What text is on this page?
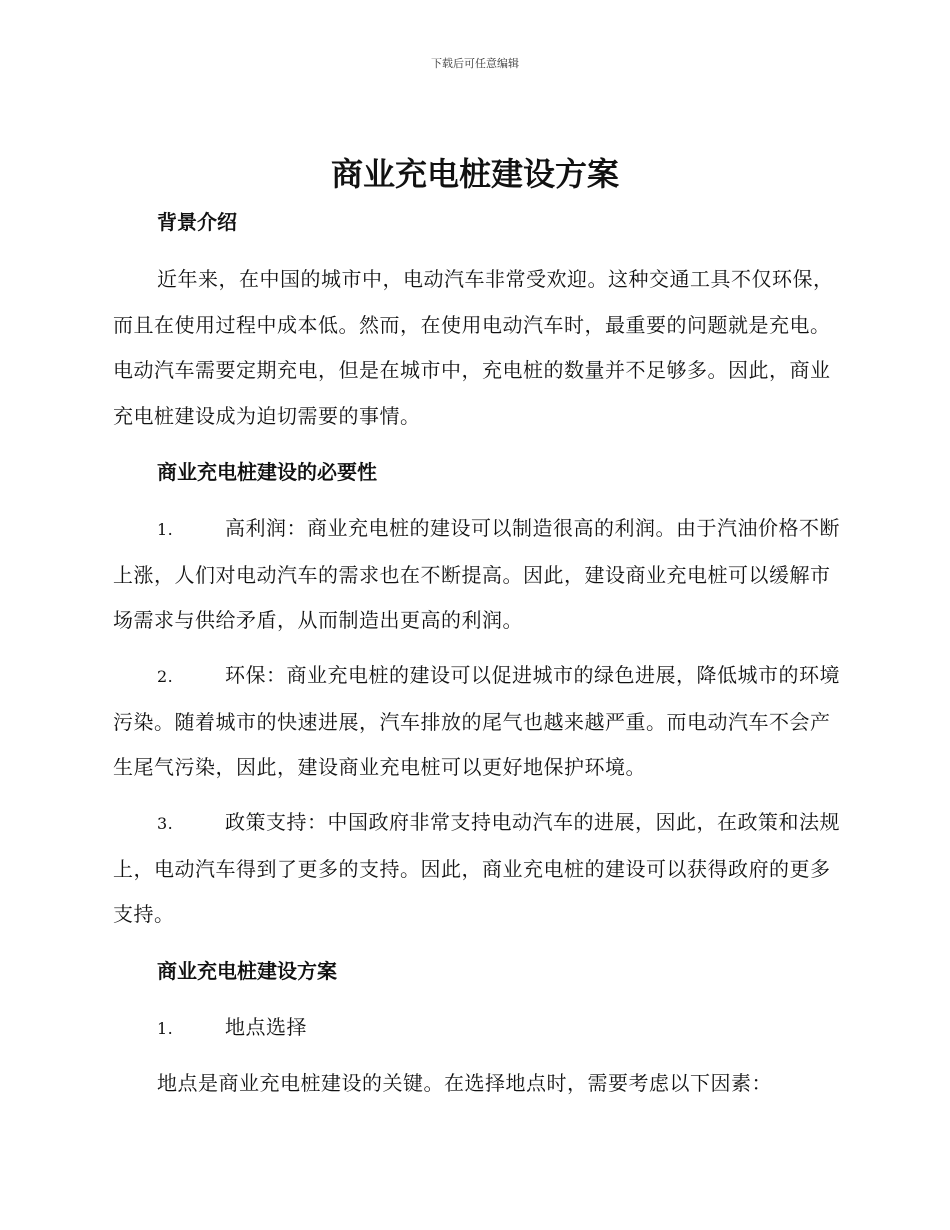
下载后可任意编辑
商业充电桩建设方案
背景介绍

近年来，在中国的城市中，电动汽车非常受欢迎。这种交通工具不仅环保，而且在使用过程中成本低。然而，在使用电动汽车时，最重要的问题就是充电。电动汽车需要定期充电，但是在城市中，充电桩的数量并不足够多。因此，商业充电桩建设成为迫切需要的事情。

商业充电桩建设的必要性

1.	高利润：商业充电桩的建设可以制造很高的利润。由于汽油价格不断上涨，人们对电动汽车的需求也在不断提高。因此，建设商业充电桩可以缓解市场需求与供给矛盾，从而制造出更高的利润。

2.	环保：商业充电桩的建设可以促进城市的绿色进展，降低城市的环境污染。随着城市的快速进展，汽车排放的尾气也越来越严重。而电动汽车不会产生尾气污染，因此，建设商业充电桩可以更好地保护环境。

3.	政策支持：中国政府非常支持电动汽车的进展，因此，在政策和法规上，电动汽车得到了更多的支持。因此，商业充电桩的建设可以获得政府的更多支持。

商业充电桩建设方案

1.	地点选择

地点是商业充电桩建设的关键。在选择地点时，需要考虑以下因素：
